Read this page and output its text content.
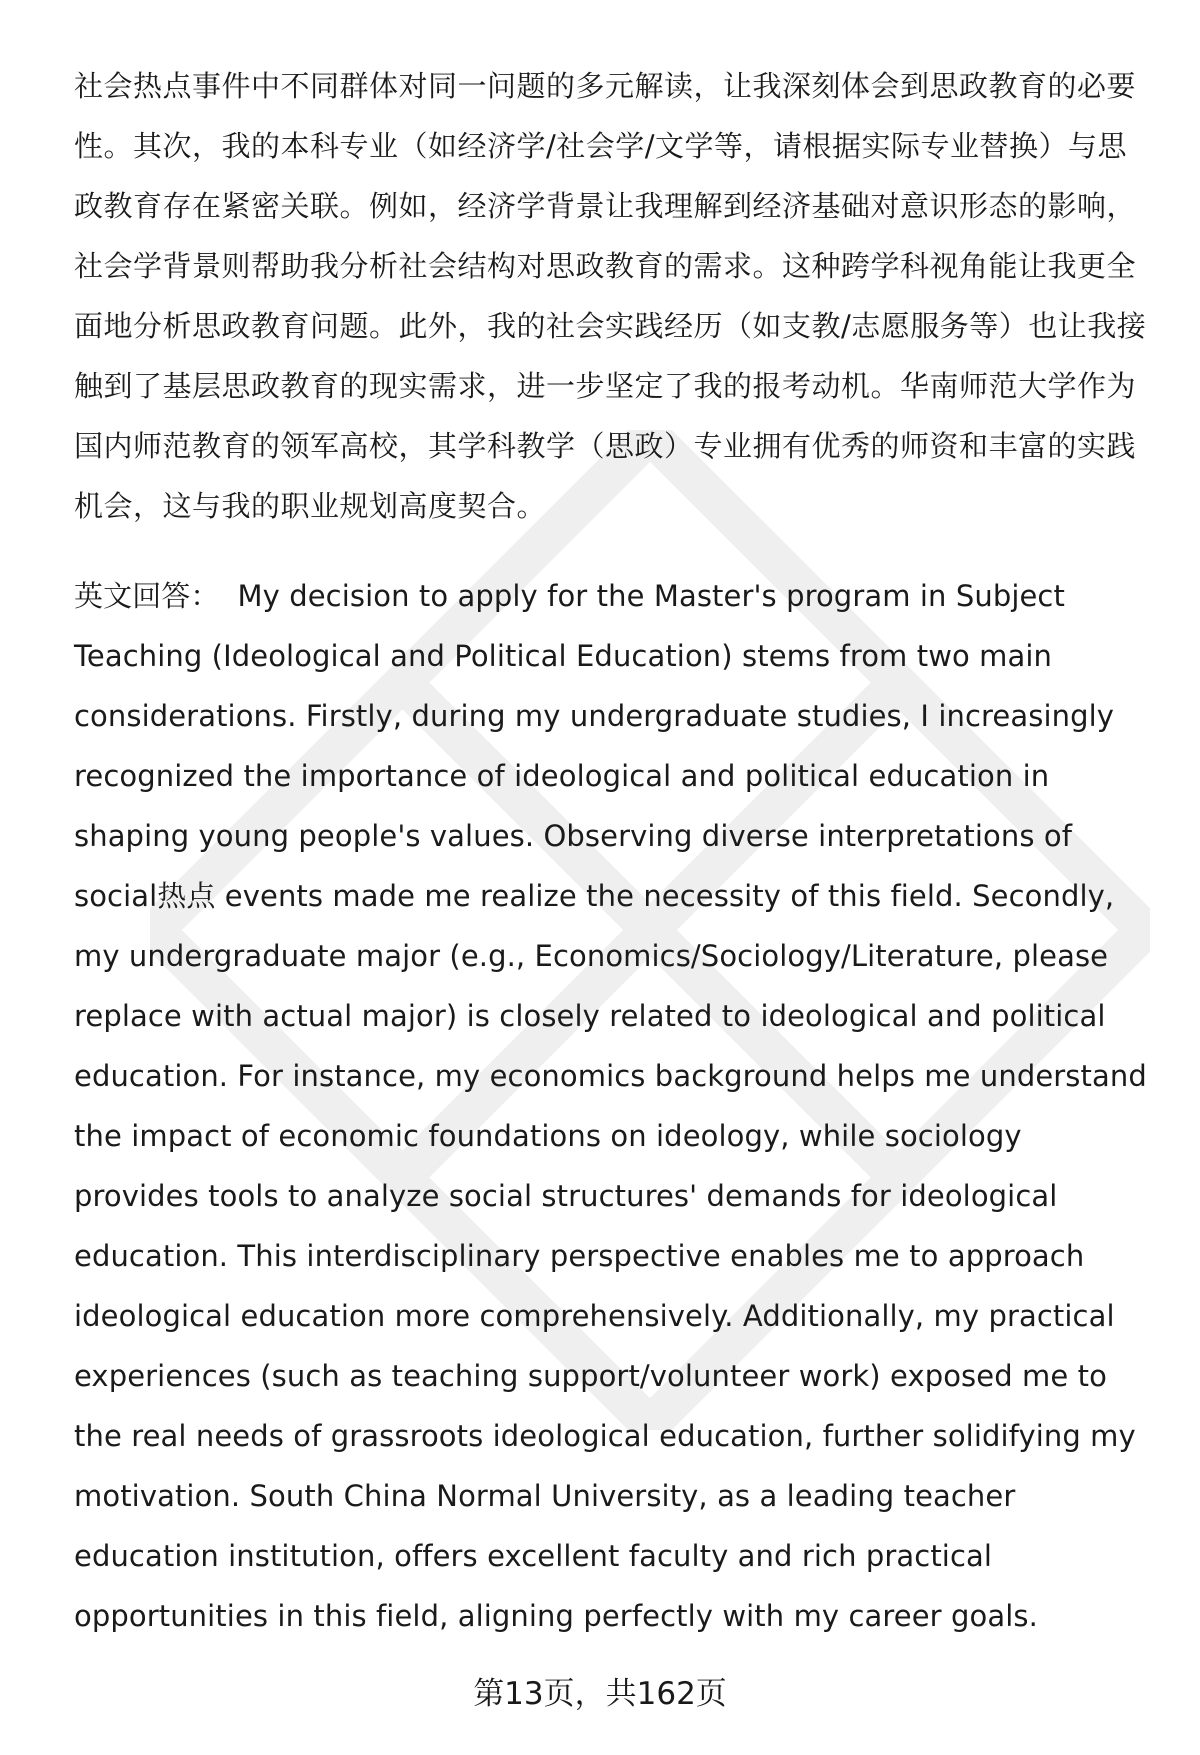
社会热点事件中不同群体对同一问题的多元解读，让我深刻体会到思政教育的必要性。其次，我的本科专业（如经济学/社会学/文学等，请根据实际专业替换）与思政教育存在紧密关联。例如，经济学背景让我理解到经济基础对意识形态的影响，社会学背景则帮助我分析社会结构对思政教育的需求。这种跨学科视角能让我更全面地分析思政教育问题。此外，我的社会实践经历（如支教/志愿服务等）也让我接触到了基层思政教育的现实需求，进一步坚定了我的报考动机。华南师范大学作为国内师范教育的领军高校，其学科教学（思政）专业拥有优秀的师资和丰富的实践机会，这与我的职业规划高度契合。

英文回答： My decision to apply for the Master's program in Subject Teaching (Ideological and Political Education) stems from two main considerations. Firstly, during my undergraduate studies, I increasingly recognized the importance of ideological and political education in shaping young people's values. Observing diverse interpretations of social热点 events made me realize the necessity of this field. Secondly, my undergraduate major (e.g., Economics/Sociology/Literature, please replace with actual major) is closely related to ideological and political education. For instance, my economics background helps me understand the impact of economic foundations on ideology, while sociology provides tools to analyze social structures' demands for ideological education. This interdisciplinary perspective enables me to approach ideological education more comprehensively. Additionally, my practical experiences (such as teaching support/volunteer work) exposed me to the real needs of grassroots ideological education, further solidifying my motivation. South China Normal University, as a leading teacher education institution, offers excellent faculty and rich practical opportunities in this field, aligning perfectly with my career goals.

第13页，共162页
